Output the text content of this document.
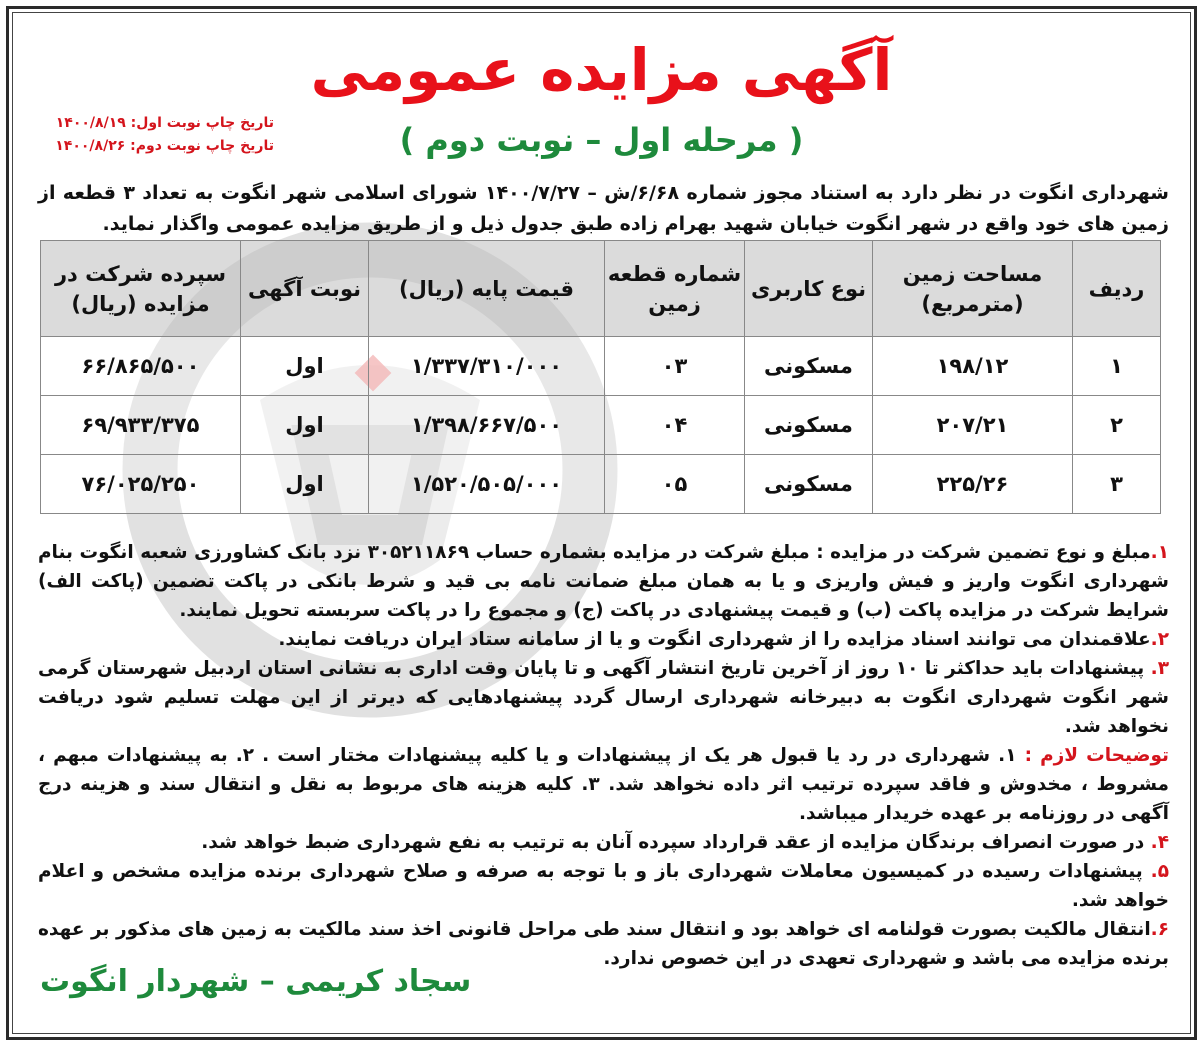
آگهی مزایده عمومی
( مرحله اول – نوبت دوم )
تاریخ چاپ نوبت اول: ۱۴۰۰/۸/۱۹
تاریخ چاپ نوبت دوم: ۱۴۰۰/۸/۲۶
شهرداری انگوت در نظر دارد به استناد مجوز شماره ۶/۶۸/ش – ۱۴۰۰/۷/۲۷ شورای اسلامی شهر انگوت به تعداد ۳ قطعه از زمین های خود واقع در شهر انگوت خیابان شهید بهرام زاده طبق جدول ذیل و از طریق مزایده عمومی واگذار نماید.
ردیف	مساحت زمین (مترمربع)	نوع کاربری	شماره قطعه زمین	قیمت پایه (ریال)	نوبت آگهی	سپرده شرکت در مزایده (ریال)
۱	۱۹۸/۱۲	مسکونی	۰۳	۱/۳۳۷/۳۱۰/۰۰۰	اول	۶۶/۸۶۵/۵۰۰
۲	۲۰۷/۲۱	مسکونی	۰۴	۱/۳۹۸/۶۶۷/۵۰۰	اول	۶۹/۹۳۳/۳۷۵
۳	۲۲۵/۲۶	مسکونی	۰۵	۱/۵۲۰/۵۰۵/۰۰۰	اول	۷۶/۰۲۵/۲۵۰

۱.مبلغ و نوع تضمین شرکت در مزایده : مبلغ شرکت در مزایده بشماره حساب ۳۰۵۲۱۱۸۶۹ نزد بانک کشاورزی شعبه انگوت بنام شهرداری انگوت واریز و فیش واریزی و یا به همان مبلغ ضمانت نامه بی قید و شرط بانکی در پاکت تضمین (پاکت الف) شرایط شرکت در مزایده پاکت (ب) و قیمت پیشنهادی در پاکت (ج) و مجموع را در پاکت سربسته تحویل نمایند.

۲.علاقمندان می توانند اسناد مزایده را از شهرداری انگوت و یا از سامانه ستاد ایران دریافت نمایند.

۳. پیشنهادات باید حداکثر تا ۱۰ روز از آخرین تاریخ انتشار آگهی و تا پایان وقت اداری به نشانی استان اردبیل شهرستان گرمی شهر انگوت شهرداری انگوت به دبیرخانه شهرداری ارسال گردد پیشنهادهایی که دیرتر از این مهلت تسلیم شود دریافت نخواهد شد.

توضیحات لازم : ۱. شهرداری در رد یا قبول هر یک از پیشنهادات و یا کلیه پیشنهادات مختار است . ۲. به پیشنهادات مبهم ، مشروط ، مخدوش و فاقد سپرده ترتیب اثر داده نخواهد شد. ۳. کلیه هزینه های مربوط به نقل و انتقال سند و هزینه درج آگهی در روزنامه بر عهده خریدار میباشد.

۴. در صورت انصراف برندگان مزایده از عقد قرارداد سپرده آنان به ترتیب به نفع شهرداری ضبط خواهد شد.

۵. پیشنهادات رسیده در کمیسیون معاملات شهرداری باز و با توجه به صرفه و صلاح شهرداری برنده مزایده مشخص و اعلام خواهد شد.

۶.انتقال مالکیت بصورت قولنامه ای خواهد بود و انتقال سند طی مراحل قانونی اخذ سند مالکیت به زمین های مذکور بر عهده برنده مزایده می باشد و شهرداری تعهدی در این خصوص ندارد.

سجاد کریمی – شهردار انگوت
